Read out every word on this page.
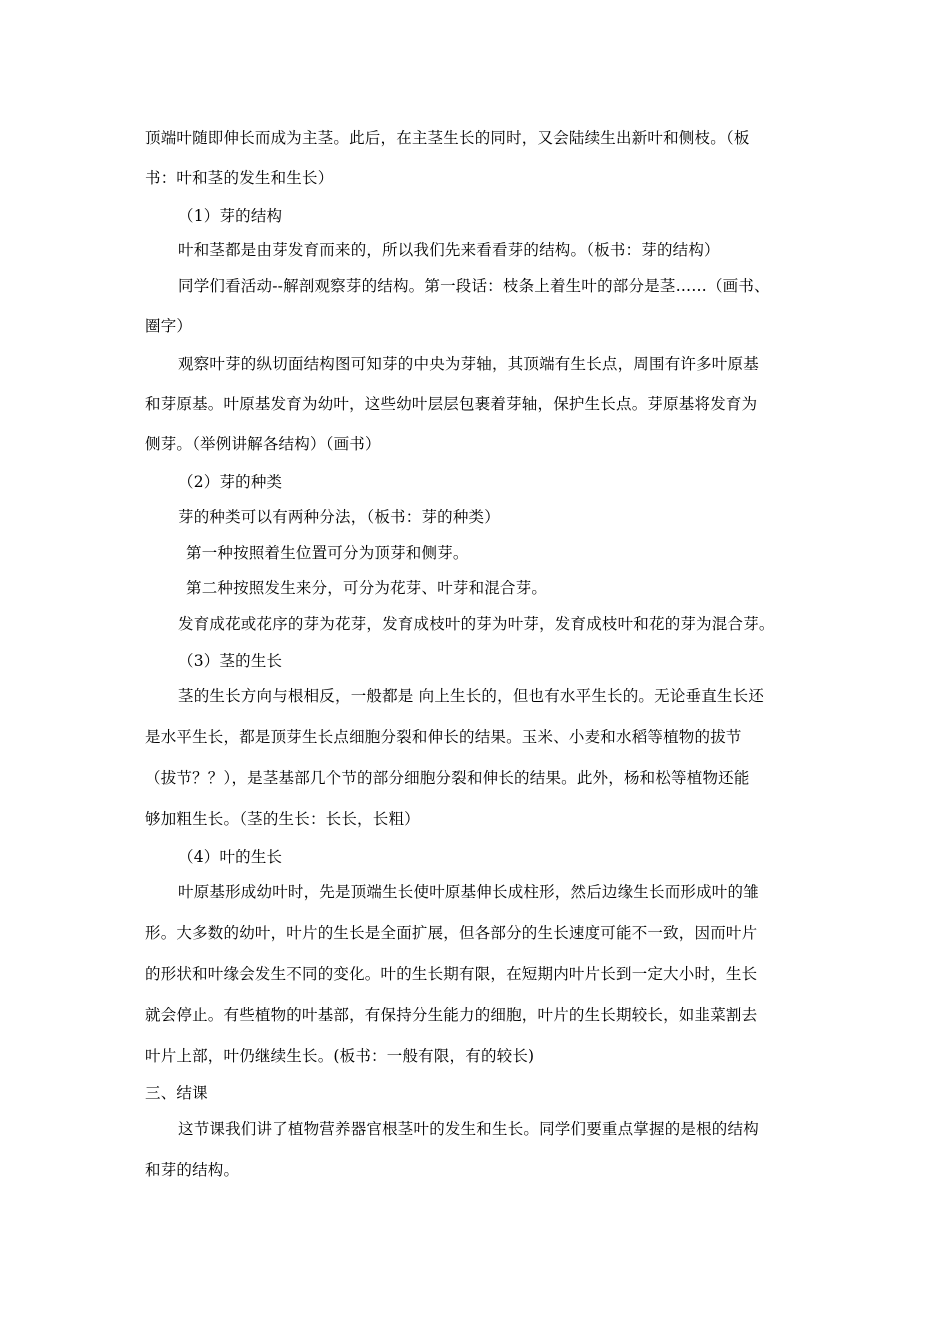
顶端叶随即伸长而成为主茎。此后，在主茎生长的同时，又会陆续生出新叶和侧枝。（板
书：叶和茎的发生和生长）
（1）芽的结构
叶和茎都是由芽发育而来的，所以我们先来看看芽的结构。（板书：芽的结构）
同学们看活动--解剖观察芽的结构。第一段话：枝条上着生叶的部分是茎……（画书、
圈字）
观察叶芽的纵切面结构图可知芽的中央为芽轴，其顶端有生长点，周围有许多叶原基
和芽原基。叶原基发育为幼叶，这些幼叶层层包裹着芽轴，保护生长点。芽原基将发育为
侧芽。（举例讲解各结构）（画书）
（2）芽的种类
芽的种类可以有两种分法，（板书：芽的种类）
第一种按照着生位置可分为顶芽和侧芽。
第二种按照发生来分，可分为花芽、叶芽和混合芽。
发育成花或花序的芽为花芽，发育成枝叶的芽为叶芽，发育成枝叶和花的芽为混合芽。
（3）茎的生长
茎的生长方向与根相反，一般都是 向上生长的，但也有水平生长的。无论垂直生长还
是水平生长，都是顶芽生长点细胞分裂和伸长的结果。玉米、小麦和水稻等植物的拔节
（拔节？？），是茎基部几个节的部分细胞分裂和伸长的结果。此外，杨和松等植物还能
够加粗生长。（茎的生长：长长，长粗）
（4）叶的生长
叶原基形成幼叶时，先是顶端生长使叶原基伸长成柱形，然后边缘生长而形成叶的雏
形。大多数的幼叶，叶片的生长是全面扩展，但各部分的生长速度可能不一致，因而叶片
的形状和叶缘会发生不同的变化。叶的生长期有限，在短期内叶片长到一定大小时，生长
就会停止。有些植物的叶基部，有保持分生能力的细胞，叶片的生长期较长，如韭菜割去
叶片上部，叶仍继续生长。(板书：一般有限，有的较长)
三、结课
这节课我们讲了植物营养器官根茎叶的发生和生长。同学们要重点掌握的是根的结构
和芽的结构。
